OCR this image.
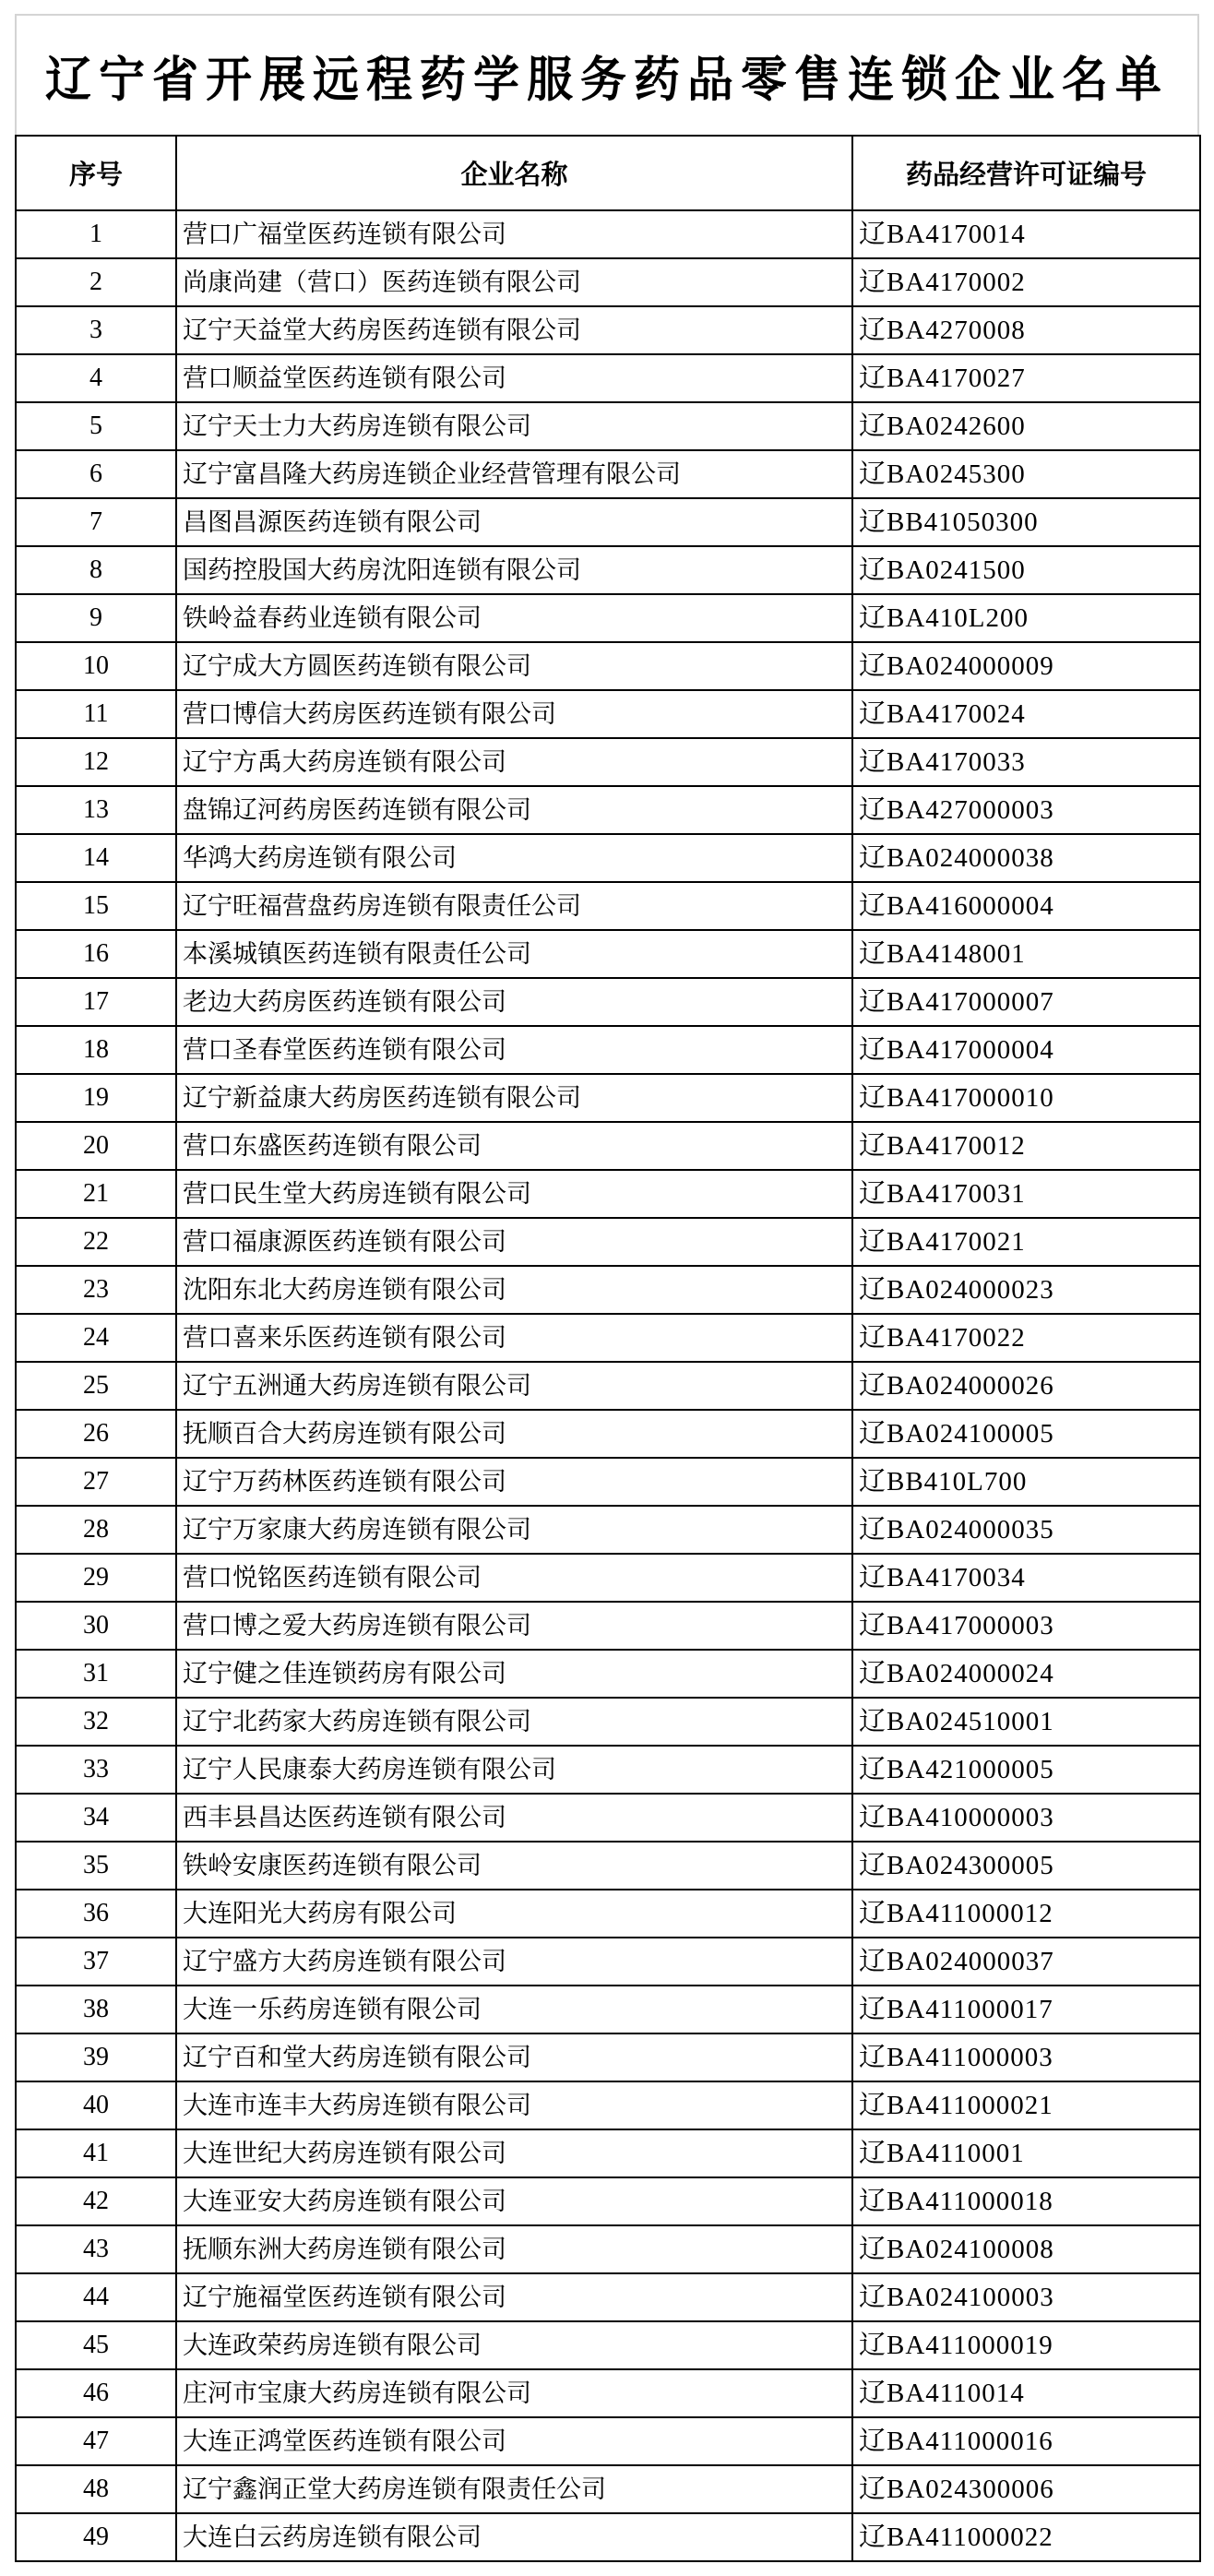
辽宁省开展远程药学服务药品零售连锁企业名单
序号	企业名称	药品经营许可证编号
1	营口广福堂医药连锁有限公司	辽BA4170014
2	尚康尚建（营口）医药连锁有限公司	辽BA4170002
3	辽宁天益堂大药房医药连锁有限公司	辽BA4270008
4	营口顺益堂医药连锁有限公司	辽BA4170027
5	辽宁天士力大药房连锁有限公司	辽BA0242600
6	辽宁富昌隆大药房连锁企业经营管理有限公司	辽BA0245300
7	昌图昌源医药连锁有限公司	辽BB41050300
8	国药控股国大药房沈阳连锁有限公司	辽BA0241500
9	铁岭益春药业连锁有限公司	辽BA410L200
10	辽宁成大方圆医药连锁有限公司	辽BA024000009
11	营口博信大药房医药连锁有限公司	辽BA4170024
12	辽宁方禹大药房连锁有限公司	辽BA4170033
13	盘锦辽河药房医药连锁有限公司	辽BA427000003
14	华鸿大药房连锁有限公司	辽BA024000038
15	辽宁旺福营盘药房连锁有限责任公司	辽BA416000004
16	本溪城镇医药连锁有限责任公司	辽BA4148001
17	老边大药房医药连锁有限公司	辽BA417000007
18	营口圣春堂医药连锁有限公司	辽BA417000004
19	辽宁新益康大药房医药连锁有限公司	辽BA417000010
20	营口东盛医药连锁有限公司	辽BA4170012
21	营口民生堂大药房连锁有限公司	辽BA4170031
22	营口福康源医药连锁有限公司	辽BA4170021
23	沈阳东北大药房连锁有限公司	辽BA024000023
24	营口喜来乐医药连锁有限公司	辽BA4170022
25	辽宁五洲通大药房连锁有限公司	辽BA024000026
26	抚顺百合大药房连锁有限公司	辽BA024100005
27	辽宁万药林医药连锁有限公司	辽BB410L700
28	辽宁万家康大药房连锁有限公司	辽BA024000035
29	营口悦铭医药连锁有限公司	辽BA4170034
30	营口博之爱大药房连锁有限公司	辽BA417000003
31	辽宁健之佳连锁药房有限公司	辽BA024000024
32	辽宁北药家大药房连锁有限公司	辽BA024510001
33	辽宁人民康泰大药房连锁有限公司	辽BA421000005
34	西丰县昌达医药连锁有限公司	辽BA410000003
35	铁岭安康医药连锁有限公司	辽BA024300005
36	大连阳光大药房有限公司	辽BA411000012
37	辽宁盛方大药房连锁有限公司	辽BA024000037
38	大连一乐药房连锁有限公司	辽BA411000017
39	辽宁百和堂大药房连锁有限公司	辽BA411000003
40	大连市连丰大药房连锁有限公司	辽BA411000021
41	大连世纪大药房连锁有限公司	辽BA4110001
42	大连亚安大药房连锁有限公司	辽BA411000018
43	抚顺东洲大药房连锁有限公司	辽BA024100008
44	辽宁施福堂医药连锁有限公司	辽BA024100003
45	大连政荣药房连锁有限公司	辽BA411000019
46	庄河市宝康大药房连锁有限公司	辽BA4110014
47	大连正鸿堂医药连锁有限公司	辽BA411000016
48	辽宁鑫润正堂大药房连锁有限责任公司	辽BA024300006
49	大连白云药房连锁有限公司	辽BA411000022
